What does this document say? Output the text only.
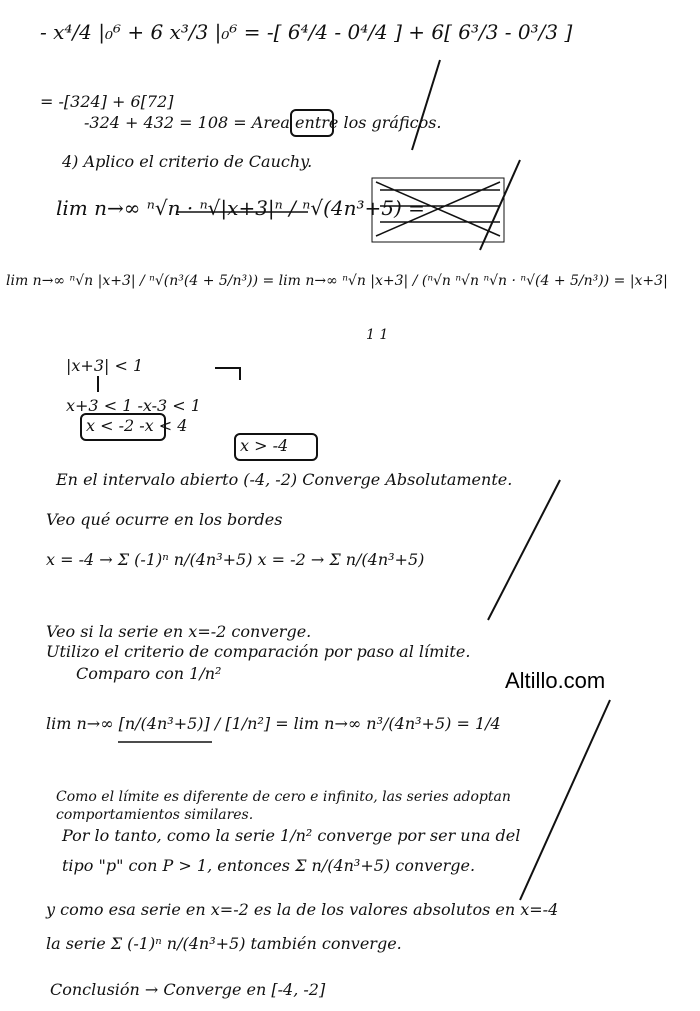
- x⁴/4 |₀⁶ + 6 x³/3 |₀⁶ = -[ 6⁴/4 - 0⁴/4 ] + 6[ 6³/3 - 0³/3 ]

= -[324] + 6[72]

-324 + 432 = 108 = Area entre los gráficos.

4) Aplico el criterio de Cauchy.

lim n→∞ ⁿ√n · ⁿ√|x+3|ⁿ / ⁿ√(4n³+5) =

lim n→∞ ⁿ√n |x+3| / ⁿ√(n³(4 + 5/n³)) = lim n→∞ ⁿ√n |x+3| / (ⁿ√n ⁿ√n ⁿ√n · ⁿ√(4 + 5/n³)) = |x+3|

1 1

|x+3| < 1

x+3 < 1 -x-3 < 1

x < -2 -x < 4

x > -4

En el intervalo abierto (-4, -2) Converge Absolutamente.

Veo qué ocurre en los bordes

x = -4 → Σ (-1)ⁿ n/(4n³+5) x = -2 → Σ n/(4n³+5)

Veo si la serie en x=-2 converge.

Utilizo el criterio de comparación por paso al límite.

Comparo con 1/n²

lim n→∞ [n/(4n³+5)] / [1/n²] = lim n→∞ n³/(4n³+5) = 1/4

Como el límite es diferente de cero e infinito, las series adoptan

comportamientos similares.

Por lo tanto, como la serie 1/n² converge por ser una del

tipo "p" con P > 1, entonces Σ n/(4n³+5) converge.

y como esa serie en x=-2 es la de los valores absolutos en x=-4

la serie Σ (-1)ⁿ n/(4n³+5) también converge.

Conclusión → Converge en [-4, -2]

Altillo.com
